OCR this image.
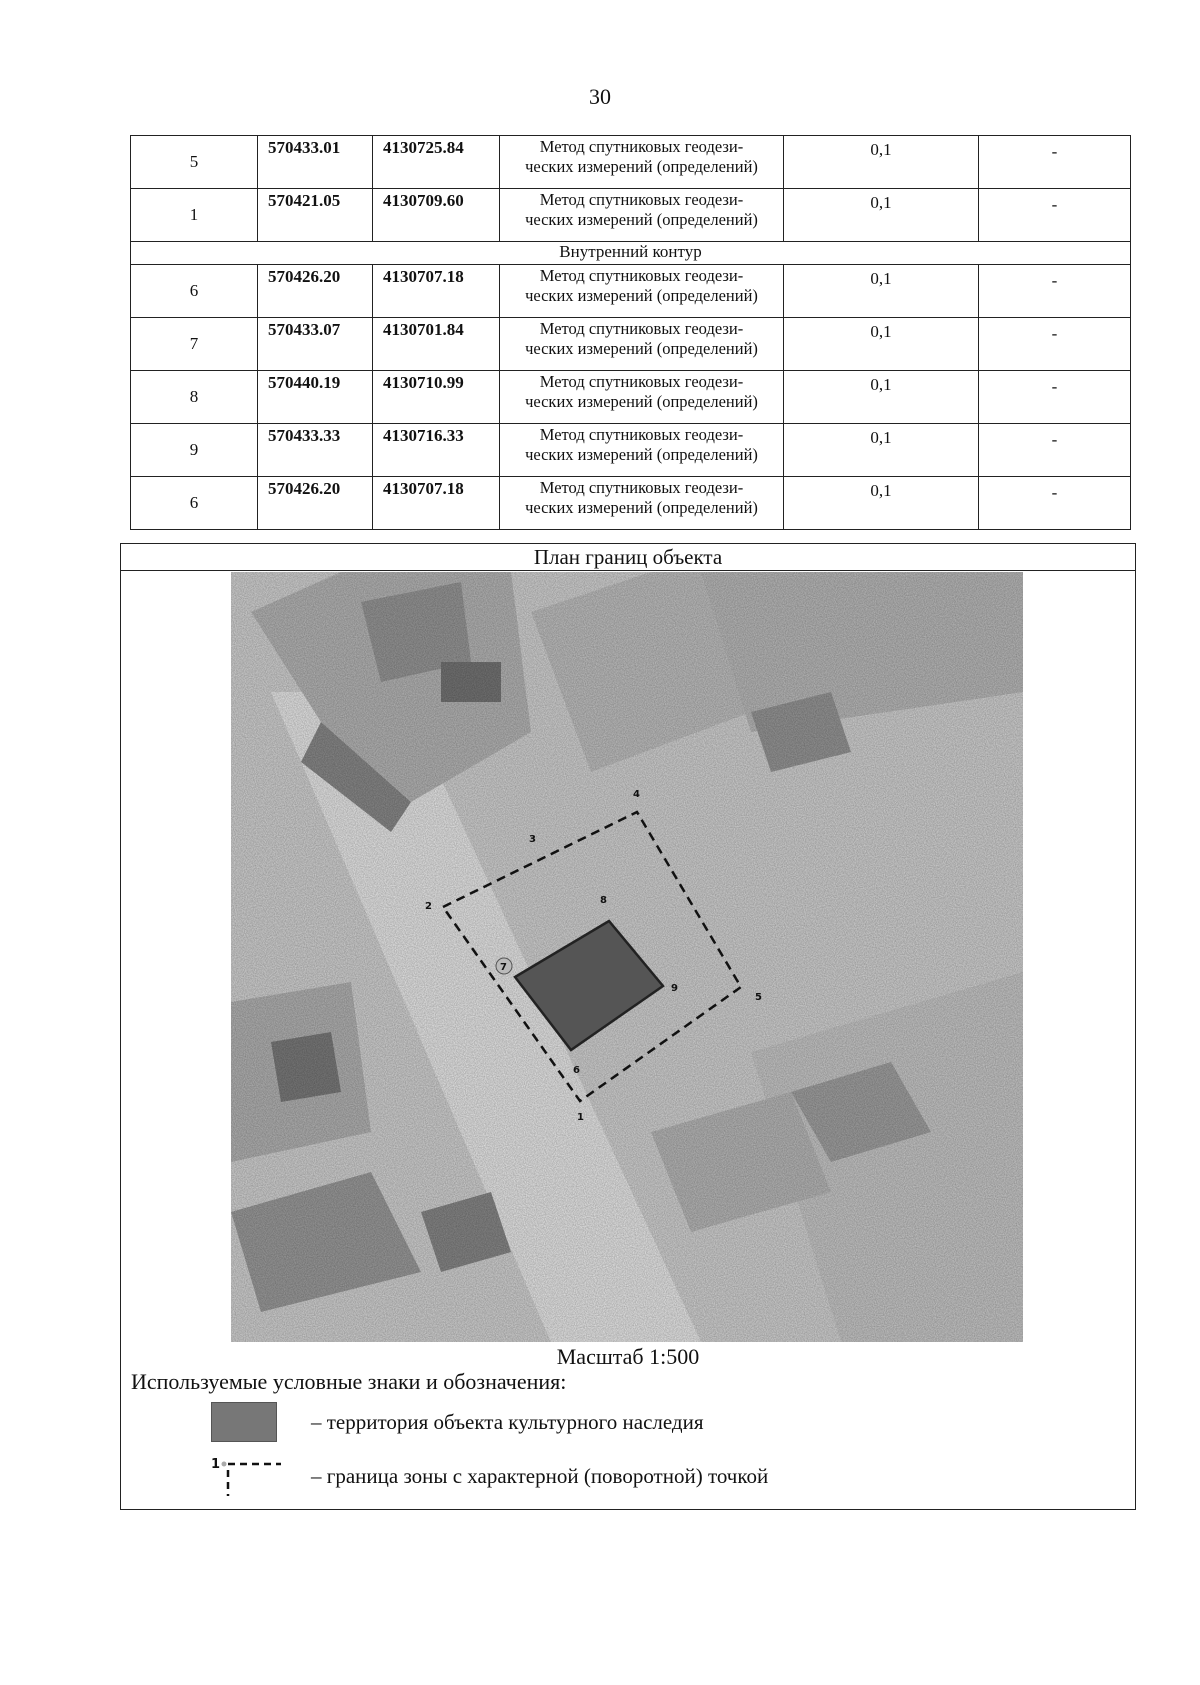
30
5	570433.01	4130725.84	Метод спутниковых геодези-
ческих измерений (определений)	0,1	-
1	570421.05	4130709.60	Метод спутниковых геодези-
ческих измерений (определений)	0,1	-
Внутренний контур					
6	570426.20	4130707.18	Метод спутниковых геодези-
ческих измерений (определений)	0,1	-
7	570433.07	4130701.84	Метод спутниковых геодези-
ческих измерений (определений)	0,1	-
8	570440.19	4130710.99	Метод спутниковых геодези-
ческих измерений (определений)	0,1	-
9	570433.33	4130716.33	Метод спутниковых геодези-
ческих измерений (определений)	0,1	-
6	570426.20	4130707.18	Метод спутниковых геодези-
ческих измерений (определений)	0,1	-
План границ объекта
2
3
4
5
1
8
9
6
7
Масштаб 1:500
Используемые условные знаки и обозначения:
– территория объекта культурного наследия
1	– граница зоны с характерной (поворотной) точкой
